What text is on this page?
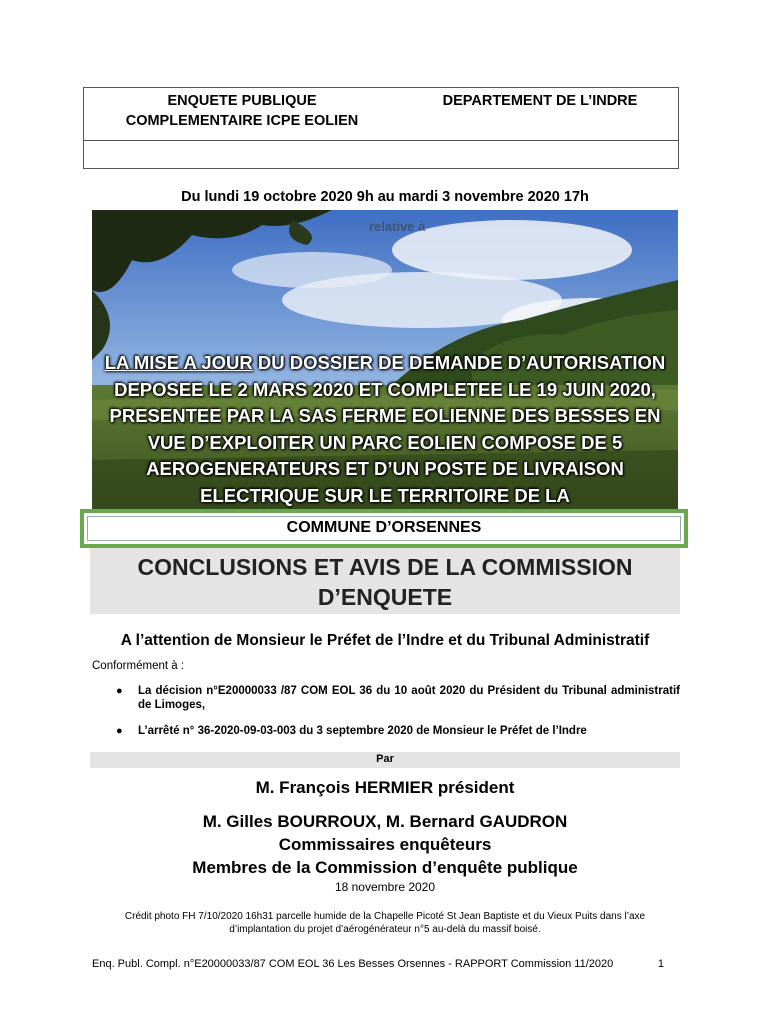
ENQUETE PUBLIQUE
COMPLEMENTAIRE ICPE EOLIEN
DEPARTEMENT DE L’INDRE
Du lundi 19 octobre 2020 9h au mardi 3 novembre 2020 17h
relative à
LA MISE A JOUR DU DOSSIER DE DEMANDE D’AUTORISATION DEPOSEE LE 2 MARS 2020 ET COMPLETEE LE 19 JUIN 2020, PRESENTEE PAR LA SAS FERME EOLIENNE DES BESSES EN VUE D’EXPLOITER UN PARC EOLIEN COMPOSE DE 5 AEROGENERATEURS ET D’UN POSTE DE LIVRAISON ELECTRIQUE SUR LE TERRITOIRE DE LA
COMMUNE D’ORSENNES
CONCLUSIONS ET AVIS DE LA COMMISSION
D’ENQUETE
A l’attention de Monsieur le Préfet de l’Indre et du Tribunal Administratif
Conformément à :
● La décision n°E20000033 /87 COM EOL 36 du 10 août 2020 du Président du Tribunal administratif de Limoges,
● L’arrêté n° 36-2020-09-03-003 du 3 septembre 2020 de Monsieur le Préfet de l’Indre
Par
M. François HERMIER président
M. Gilles BOURROUX, M. Bernard GAUDRON
Commissaires enquêteurs
Membres de la Commission d’enquête publique
18 novembre 2020
Crédit photo FH 7/10/2020 16h31 parcelle humide de la Chapelle Picoté St Jean Baptiste et du Vieux Puits dans l’axe
d’implantation du projet d’aérogénérateur n°5 au-delà du massif boisé.
Enq. Publ. Compl. n°E20000033/87 COM EOL 36 Les Besses Orsennes - RAPPORT Commission 11/2020	1
